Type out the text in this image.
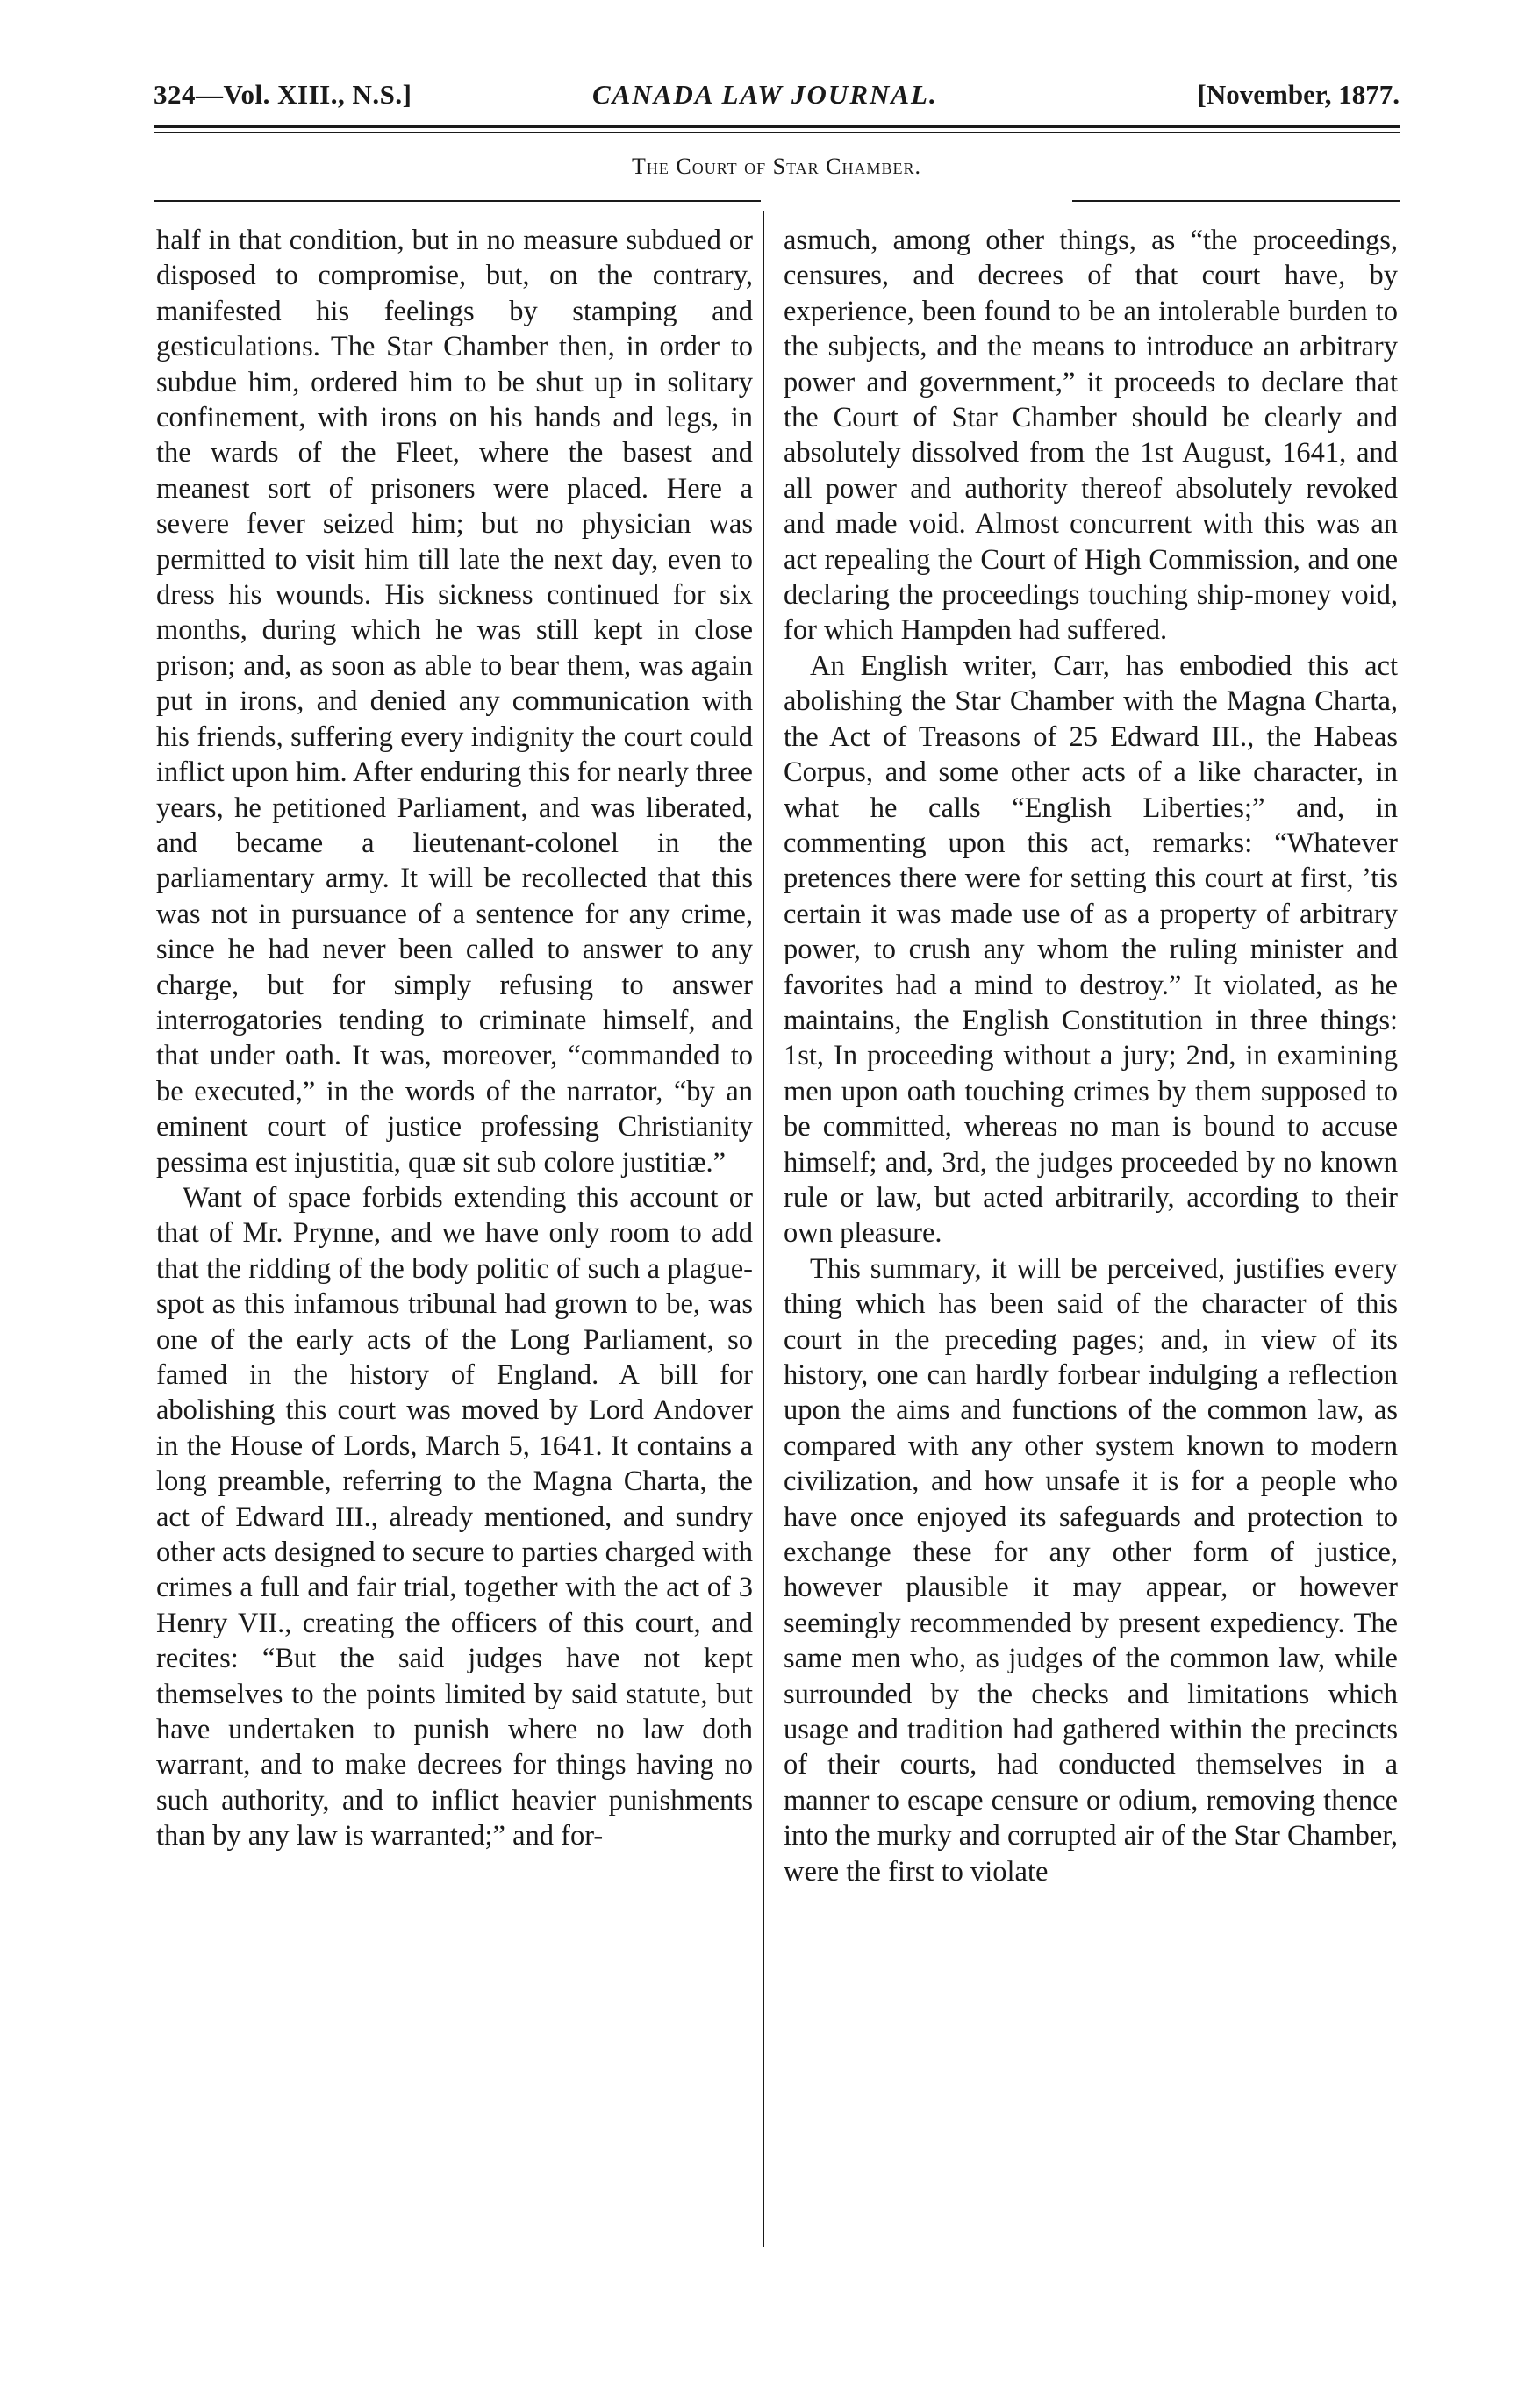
324—Vol. XIII., N.S.]	CANADA LAW JOURNAL.	[November, 1877.
The Court of Star Chamber.

half in that condition, but in no measure subdued or disposed to compromise, but, on the contrary, manifested his feelings by stamping and gesticulations. The Star Chamber then, in order to subdue him, ordered him to be shut up in solitary confinement, with irons on his hands and legs, in the wards of the Fleet, where the basest and meanest sort of prisoners were placed. Here a severe fever seized him; but no physician was permitted to visit him till late the next day, even to dress his wounds. His sickness continued for six months, during which he was still kept in close prison; and, as soon as able to bear them, was again put in irons, and denied any communication with his friends, suffering every indignity the court could inflict upon him. After enduring this for nearly three years, he petitioned Parliament, and was liberated, and became a lieutenant-colonel in the parliamentary army. It will be recollected that this was not in pursuance of a sentence for any crime, since he had never been called to answer to any charge, but for simply refusing to answer interrogatories tending to criminate himself, and that under oath. It was, moreover, “commanded to be executed,” in the words of the narrator, “by an eminent court of justice professing Christianity pessima est injustitia, quæ sit sub colore justitiæ.”

Want of space forbids extending this account or that of Mr. Prynne, and we have only room to add that the ridding of the body politic of such a plague-spot as this infamous tribunal had grown to be, was one of the early acts of the Long Parliament, so famed in the history of England. A bill for abolishing this court was moved by Lord Andover in the House of Lords, March 5, 1641. It contains a long preamble, referring to the Magna Charta, the act of Edward III., already mentioned, and sundry other acts designed to secure to parties charged with crimes a full and fair trial, together with the act of 3 Henry VII., creating the officers of this court, and recites: “But the said judges have not kept themselves to the points limited by said statute, but have undertaken to punish where no law doth warrant, and to make decrees for things having no such authority, and to inflict heavier punishments than by any law is warranted;” and for-

asmuch, among other things, as “the proceedings, censures, and decrees of that court have, by experience, been found to be an intolerable burden to the subjects, and the means to introduce an arbitrary power and government,” it proceeds to declare that the Court of Star Chamber should be clearly and absolutely dissolved from the 1st August, 1641, and all power and authority thereof absolutely revoked and made void. Almost concurrent with this was an act repealing the Court of High Commission, and one declaring the proceedings touching ship-money void, for which Hampden had suffered.

An English writer, Carr, has embodied this act abolishing the Star Chamber with the Magna Charta, the Act of Treasons of 25 Edward III., the Habeas Corpus, and some other acts of a like character, in what he calls “English Liberties;” and, in commenting upon this act, remarks: “Whatever pretences there were for setting this court at first, ’tis certain it was made use of as a property of arbitrary power, to crush any whom the ruling minister and favorites had a mind to destroy.” It violated, as he maintains, the English Constitution in three things: 1st, In proceeding without a jury; 2nd, in examining men upon oath touching crimes by them supposed to be committed, whereas no man is bound to accuse himself; and, 3rd, the judges proceeded by no known rule or law, but acted arbitrarily, according to their own pleasure.

This summary, it will be perceived, justifies every thing which has been said of the character of this court in the preceding pages; and, in view of its history, one can hardly forbear indulging a reflection upon the aims and functions of the common law, as compared with any other system known to modern civilization, and how unsafe it is for a people who have once enjoyed its safeguards and protection to exchange these for any other form of justice, however plausible it may appear, or however seemingly recommended by present expediency. The same men who, as judges of the common law, while surrounded by the checks and limitations which usage and tradition had gathered within the precincts of their courts, had conducted themselves in a manner to escape censure or odium, removing thence into the murky and corrupted air of the Star Chamber, were the first to violate
